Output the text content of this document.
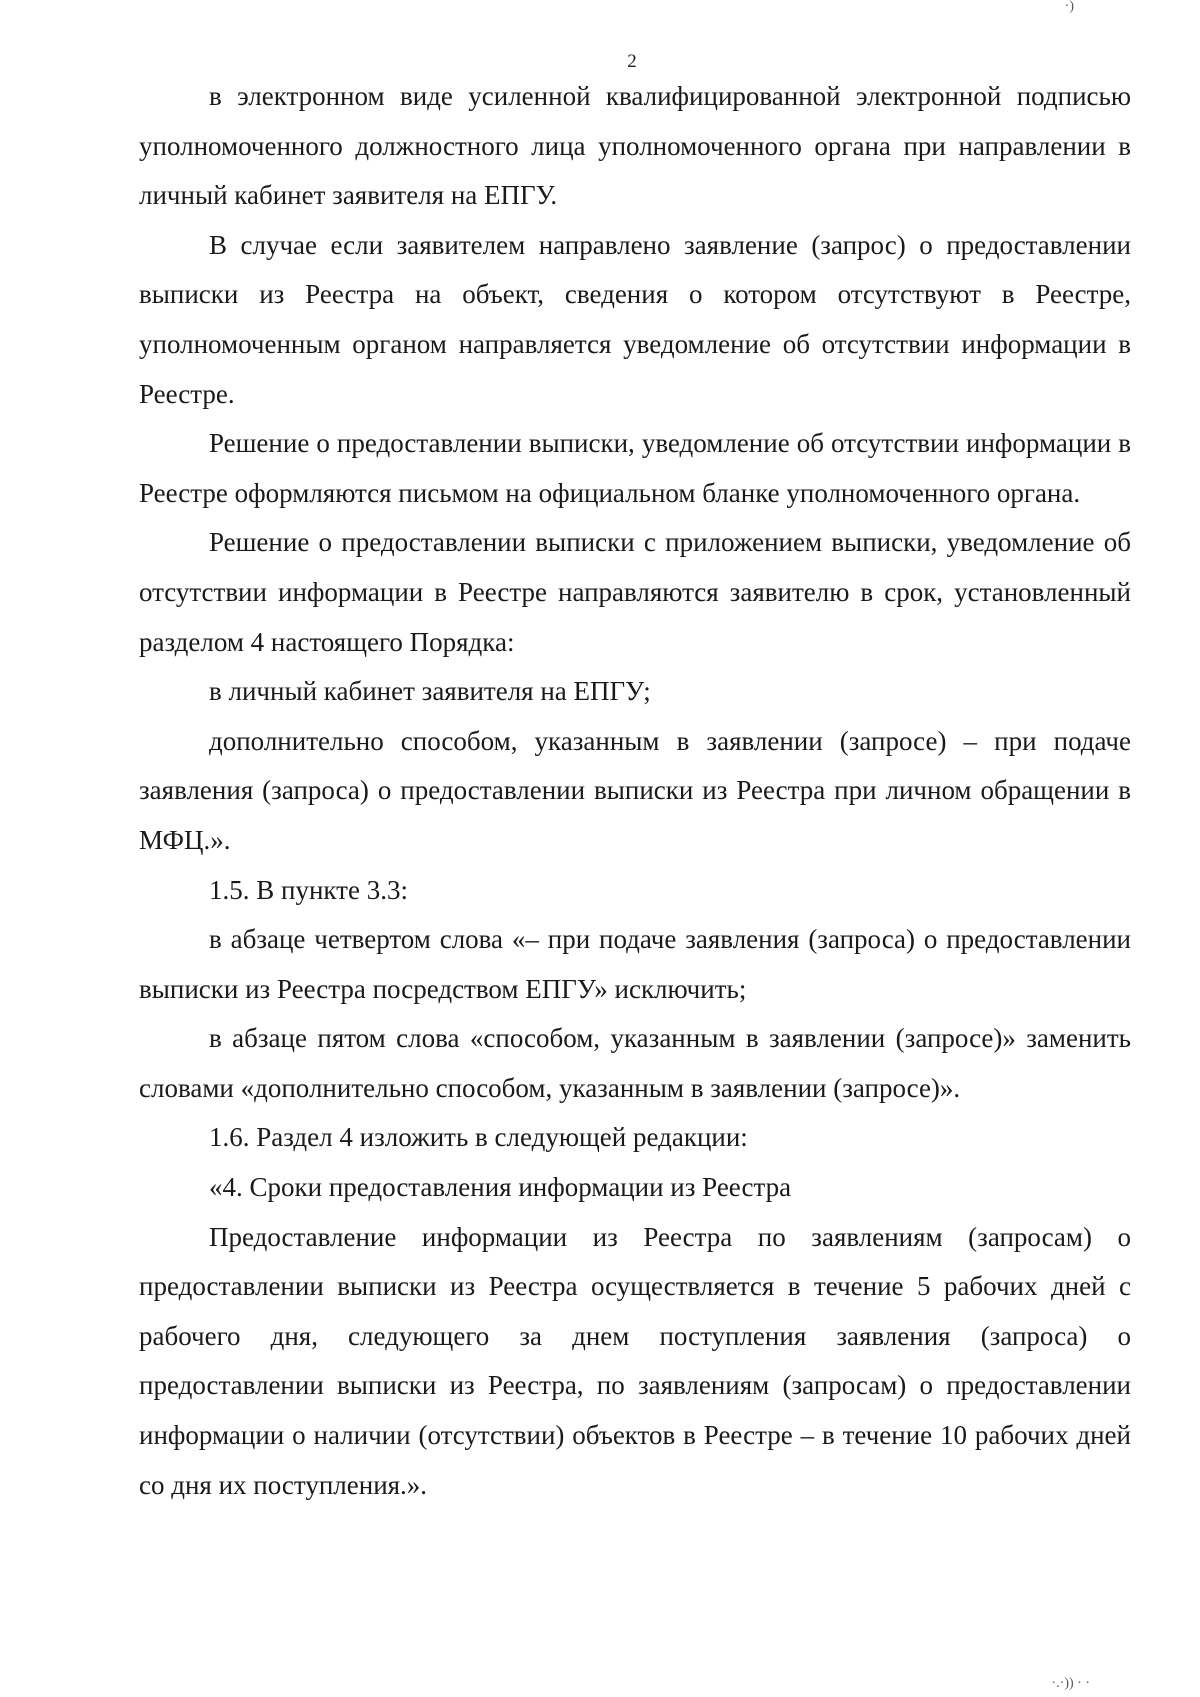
2

в электронном виде усиленной квалифицированной электронной подписью уполномоченного должностного лица уполномоченного органа при направлении в личный кабинет заявителя на ЕПГУ.

В случае если заявителем направлено заявление (запрос) о предоставлении выписки из Реестра на объект, сведения о котором отсутствуют в Реестре, уполномоченным органом направляется уведомление об отсутствии информации в Реестре.

Решение о предоставлении выписки, уведомление об отсутствии информации в Реестре оформляются письмом на официальном бланке уполномоченного органа.

Решение о предоставлении выписки с приложением выписки, уведомление об отсутствии информации в Реестре направляются заявителю в срок, установленный разделом 4 настоящего Порядка:

в личный кабинет заявителя на ЕПГУ;

дополнительно способом, указанным в заявлении (запросе) – при подаче заявления (запроса) о предоставлении выписки из Реестра при личном обращении в МФЦ.».

1.5. В пункте 3.3:

в абзаце четвертом слова «– при подаче заявления (запроса) о предоставлении выписки из Реестра посредством ЕПГУ» исключить;

в абзаце пятом слова «способом, указанным в заявлении (запросе)» заменить словами «дополнительно способом, указанным в заявлении (запросе)».

1.6. Раздел 4 изложить в следующей редакции:

«4. Сроки предоставления информации из Реестра

Предоставление информации из Реестра по заявлениям (запросам) о предоставлении выписки из Реестра осуществляется в течение 5 рабочих дней с рабочего дня, следующего за днем поступления заявления (запроса) о предоставлении выписки из Реестра, по заявлениям (запросам) о предоставлении информации о наличии (отсутствии) объектов в Реестре – в течение 10 рабочих дней со дня их поступления.».

·)
·.·)) · ·
